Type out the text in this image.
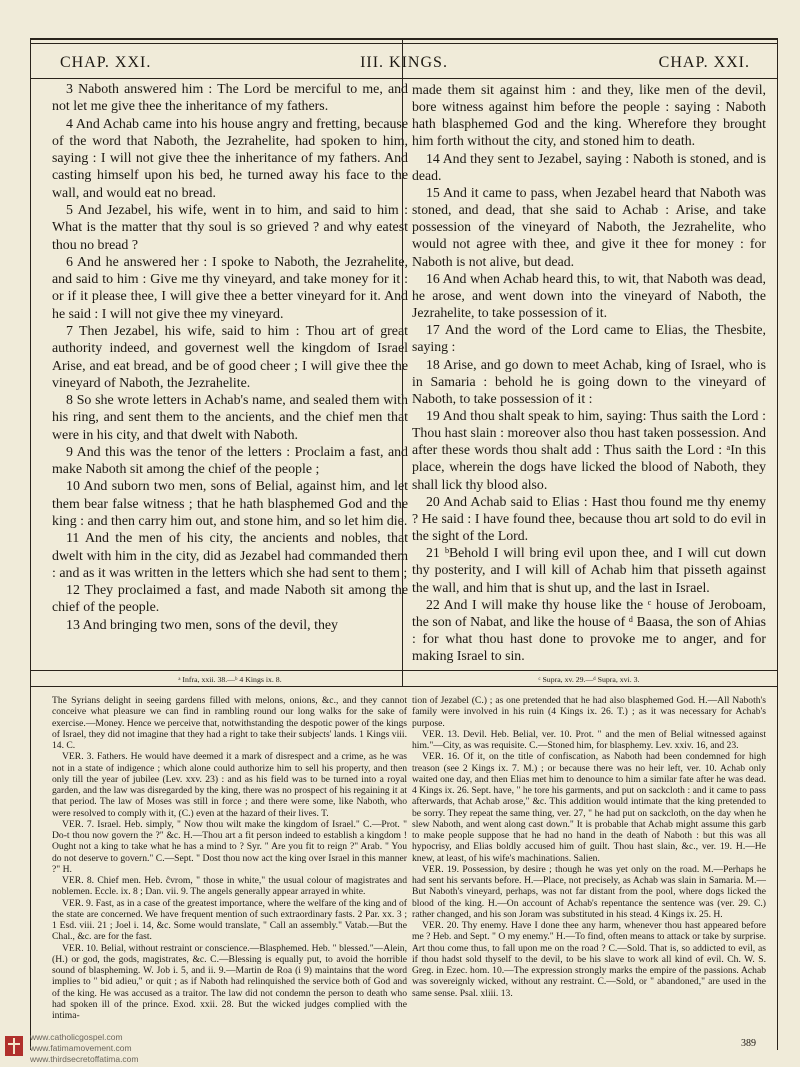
CHAP. XXI.	III. KINGS.	CHAP. XXI.

3 Naboth answered him : The Lord be merciful to me, and not let me give thee the inheritance of my fathers.

4 And Achab came into his house angry and fretting, because of the word that Naboth, the Jezrahelite, had spoken to him, saying : I will not give thee the inheritance of my fathers. And casting himself upon his bed, he turned away his face to the wall, and would eat no bread.

5 And Jezabel, his wife, went in to him, and said to him : What is the matter that thy soul is so grieved ? and why eatest thou no bread ?

6 And he answered her : I spoke to Naboth, the Jezrahelite, and said to him : Give me thy vineyard, and take money for it : or if it please thee, I will give thee a better vineyard for it. And he said : I will not give thee my vineyard.

7 Then Jezabel, his wife, said to him : Thou art of great authority indeed, and governest well the kingdom of Israel Arise, and eat bread, and be of good cheer ; I will give thee the vineyard of Naboth, the Jezrahelite.

8 So she wrote letters in Achab's name, and sealed them with his ring, and sent them to the ancients, and the chief men that were in his city, and that dwelt with Naboth.

9 And this was the tenor of the letters : Proclaim a fast, and make Naboth sit among the chief of the people ;

10 And suborn two men, sons of Belial, against him, and let them bear false witness ; that he hath blasphemed God and the king : and then carry him out, and stone him, and so let him die.

11 And the men of his city, the ancients and nobles, that dwelt with him in the city, did as Jezabel had commanded them : and as it was written in the letters which she had sent to them ;

12 They proclaimed a fast, and made Naboth sit among the chief of the people.

13 And bringing two men, sons of the devil, they

made them sit against him : and they, like men of the devil, bore witness against him before the people : saying : Naboth hath blasphemed God and the king. Wherefore they brought him forth without the city, and stoned him to death.

14 And they sent to Jezabel, saying : Naboth is stoned, and is dead.

15 And it came to pass, when Jezabel heard that Naboth was stoned, and dead, that she said to Achab : Arise, and take possession of the vineyard of Naboth, the Jezrahelite, who would not agree with thee, and give it thee for money : for Naboth is not alive, but dead.

16 And when Achab heard this, to wit, that Naboth was dead, he arose, and went down into the vineyard of Naboth, the Jezrahelite, to take possession of it.

17 And the word of the Lord came to Elias, the Thesbite, saying :

18 Arise, and go down to meet Achab, king of Israel, who is in Samaria : behold he is going down to the vineyard of Naboth, to take possession of it :

19 And thou shalt speak to him, saying: Thus saith the Lord : Thou hast slain : moreover also thou hast taken possession. And after these words thou shalt add : Thus saith the Lord : ᵃIn this place, wherein the dogs have licked the blood of Naboth, they shall lick thy blood also.

20 And Achab said to Elias : Hast thou found me thy enemy ? He said : I have found thee, because thou art sold to do evil in the sight of the Lord.

21 ᵇBehold I will bring evil upon thee, and I will cut down thy posterity, and I will kill of Achab him that pisseth against the wall, and him that is shut up, and the last in Israel.

22 And I will make thy house like the ᶜ house of Jeroboam, the son of Nabat, and like the house of ᵈ Baasa, the son of Ahias : for what thou hast done to provoke me to anger, and for making Israel to sin.

ᵃ Infra, xxii. 38.—ᵇ 4 Kings ix. 8.	ᶜ Supra, xv. 29.—ᵈ Supra, xvi. 3.

The Syrians delight in seeing gardens filled with melons, onions, &c., and they cannot conceive what pleasure we can find in rambling round our long walks for the sake of exercise.—Money. Hence we perceive that, notwithstanding the despotic power of the kings of Israel, they did not imagine that they had a right to take their subjects' lands. 1 Kings viii. 14. C.

VER. 3. Fathers. He would have deemed it a mark of disrespect and a crime, as he was not in a state of indigence ; which alone could authorize him to sell his property, and then only till the year of jubilee (Lev. xxv. 23) : and as his field was to be turned into a royal garden, and the law was disregarded by the king, there was no prospect of his regaining it at that period. The law of Moses was still in force ; and there were some, like Naboth, who were resolved to comply with it, (C.) even at the hazard of their lives. T.

VER. 7. Israel. Heb. simply, " Now thou wilt make the kingdom of Israel." C.—Prot. " Do-t thou now govern the ?" &c. H.—Thou art a fit person indeed to establish a kingdom ! Ought not a king to take what he has a mind to ? Syr. " Are you fit to reign ?" Arab. " You do not deserve to govern." C.—Sept. " Dost thou now act the king over Israel in this manner ?" H.

VER. 8. Chief men. Heb. ĉvrom, " those in white," the usual colour of magistrates and noblemen. Eccle. ix. 8 ; Dan. vii. 9. The angels generally appear arrayed in white.

VER. 9. Fast, as in a case of the greatest importance, where the welfare of the king and of the state are concerned. We have frequent mention of such extraordinary fasts. 2 Par. xx. 3 ; 1 Esd. viii. 21 ; Joel i. 14, &c. Some would translate, " Call an assembly." Vatab.—But the Chal., &c. are for the fast.

VER. 10. Belial, without restraint or conscience.—Blasphemed. Heb. " blessed."—Alein, (H.) or god, the gods, magistrates, &c. C.—Blessing is equally put, to avoid the horrible sound of blaspheming. W. Job i. 5, and ii. 9.—Martin de Roa (i 9) maintains that the word implies to " bid adieu," or quit ; as if Naboth had relinquished the service both of God and of the king. He was accused as a traitor. The law did not condemn the person to death who had spoken ill of the prince. Exod. xxii. 28. But the wicked judges complied with the intima-

tion of Jezabel (C.) ; as one pretended that he had also blasphemed God. H.—All Naboth's family were involved in his ruin (4 Kings ix. 26. T.) ; as it was necessary for Achab's purpose.

VER. 13. Devil. Heb. Belial, ver. 10. Prot. " and the men of Belial witnessed against him."—City, as was requisite. C.—Stoned him, for blasphemy. Lev. xxiv. 16, and 23.

VER. 16. Of it, on the title of confiscation, as Naboth had been condemned for high treason (see 2 Kings ix. 7. M.) ; or because there was no heir left, ver. 10. Achab only waited one day, and then Elias met him to denounce to him a similar fate after he was dead. 4 Kings ix. 26. Sept. have, " he tore his garments, and put on sackcloth : and it came to pass afterwards, that Achab arose," &c. This addition would intimate that the king pretended to be sorry. They repeat the same thing, ver. 27, " he had put on sackcloth, on the day when he slew Naboth, and went along cast down." It is probable that Achab might assume this garb to make people suppose that he had no hand in the death of Naboth : but this was all hypocrisy, and Elias boldly accused him of guilt. Thou hast slain, &c., ver. 19. H.—He knew, at least, of his wife's machinations. Salien.

VER. 19. Possession, by desire ; though he was yet only on the road. M.—Perhaps he had sent his servants before. H.—Place, not precisely, as Achab was slain in Samaria. M.—But Naboth's vineyard, perhaps, was not far distant from the pool, where dogs licked the blood of the king. H.—On account of Achab's repentance the sentence was (ver. 29. C.) rather changed, and his son Joram was substituted in his stead. 4 Kings ix. 25. H.

VER. 20. Thy enemy. Have I done thee any harm, whenever thou hast appeared before me ? Heb. and Sept. " O my enemy." H.—To find, often means to attack or take by surprise. Art thou come thus, to fall upon me on the road ? C.—Sold. That is, so addicted to evil, as if thou hadst sold thyself to the devil, to be his slave to work all kind of evil. Ch. W. S. Greg. in Ezec. hom. 10.—The expression strongly marks the empire of the passions. Achab was sovereignly wicked, without any restraint. C.—Sold, or " abandoned," are used in the same sense. Psal. xliii. 13.

389
www.catholicgospel.com
www.fatimamovement.com
www.thirdsecretoffatima.com
